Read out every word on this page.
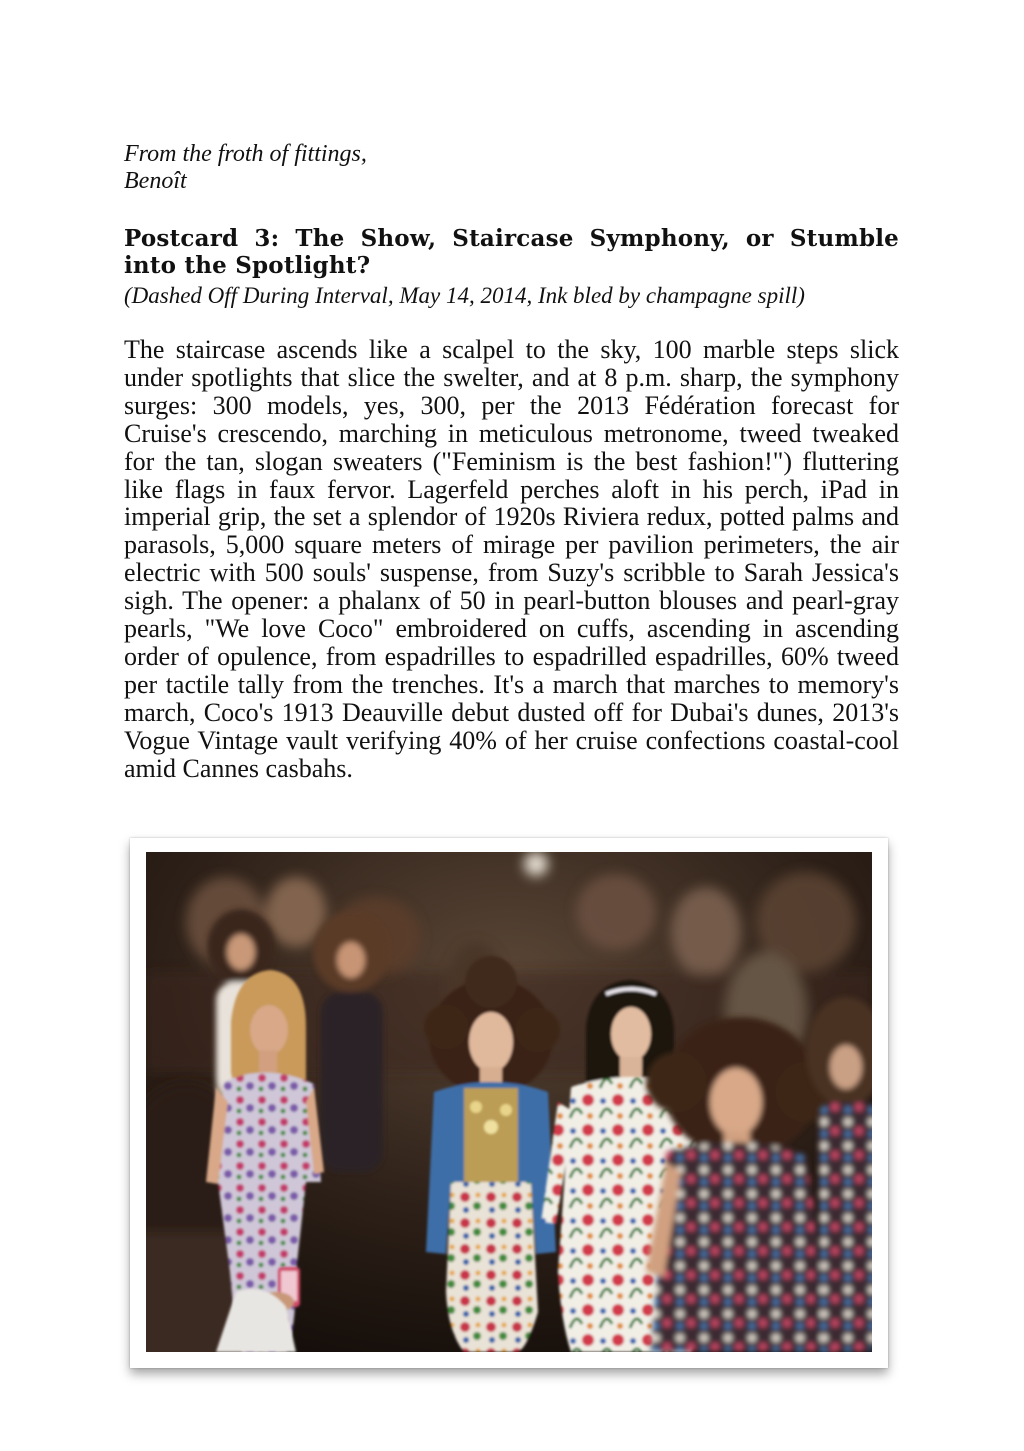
From the froth of fittings,
Benoît
Postcard 3: The Show, Staircase Symphony, or Stumble into the Spotlight?
(Dashed Off During Interval, May 14, 2014, Ink bled by champagne spill)
The staircase ascends like a scalpel to the sky, 100 marble steps slick under spotlights that slice the swelter, and at 8 p.m. sharp, the symphony surges: 300 models, yes, 300, per the 2013 Fédération forecast for Cruise's crescendo, marching in meticulous metronome, tweed tweaked for the tan, slogan sweaters ("Feminism is the best fashion!") fluttering like flags in faux fervor. Lagerfeld perches aloft in his perch, iPad in imperial grip, the set a splendor of 1920s Riviera redux, potted palms and parasols, 5,000 square meters of mirage per pavilion perimeters, the air electric with 500 souls' suspense, from Suzy's scribble to Sarah Jessica's sigh. The opener: a phalanx of 50 in pearl-button blouses and pearl-gray pearls, "We love Coco" embroidered on cuffs, ascending in ascending order of opulence, from espadrilles to espadrilled espadrilles, 60% tweed per tactile tally from the trenches. It's a march that marches to memory's march, Coco's 1913 Deauville debut dusted off for Dubai's dunes, 2013's Vogue Vintage vault verifying 40% of her cruise confections coastal-cool amid Cannes casbahs.
